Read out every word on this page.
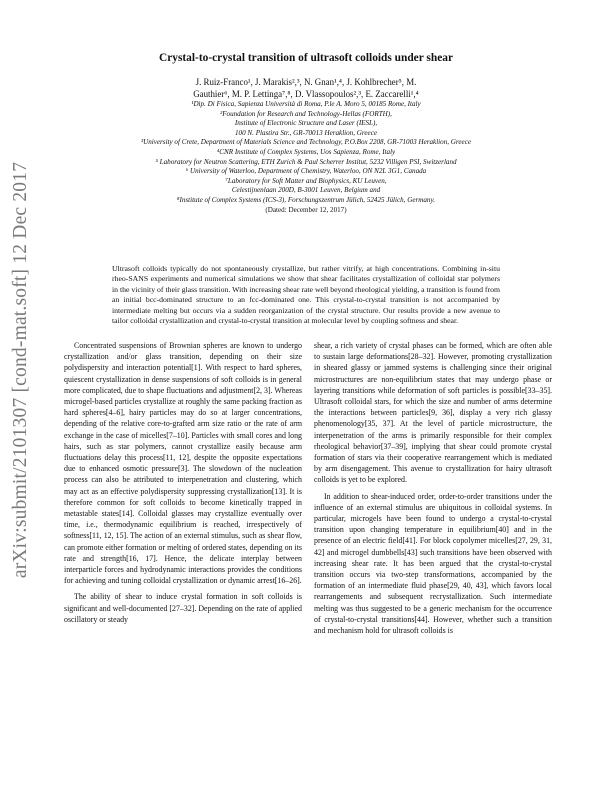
arXiv:submit/2101307 [cond-mat.soft] 12 Dec 2017
Crystal-to-crystal transition of ultrasoft colloids under shear
J. Ruiz-Franco¹, J. Marakis²,³, N. Gnan¹,⁴, J. Kohlbrecher⁵, M.
Gauthier⁶, M. P. Lettinga⁷,⁸, D. Vlassopoulos²,³, E. Zaccarelli¹,⁴
¹Dip. Di Fisica, Sapienza Università di Roma, P.le A. Moro 5, 00185 Rome, Italy
²Foundation for Research and Technology-Hellas (FORTH),
Institute of Electronic Structure and Laser (IESL),
100 N. Plastira Str., GR-70013 Heraklion, Greece
³University of Crete, Department of Materials Science and Technology, P.O.Box 2208, GR-71003 Heraklion, Greece
⁴CNR Institute of Complex Systems, Uos Sapienza, Rome, Italy
⁵ Laboratory for Neutron Scattering, ETH Zurich & Paul Scherrer Institut, 5232 Villigen PSI, Switzerland
⁶ University of Waterloo, Department of Chemistry, Waterloo, ON N2L 3G1, Canada
⁷Laboratory for Soft Matter and Biophysics, KU Leuven,
Celestijnenlaan 200D, B-3001 Leuven, Belgium and
⁸Institute of Complex Systems (ICS-3), Forschungszentrum Jülich, 52425 Jülich, Germany.
(Dated: December 12, 2017)
Ultrasoft colloids typically do not spontaneously crystallize, but rather vitrify, at high concentrations. Combining in-situ rheo-SANS experiments and numerical simulations we show that shear facilitates crystallization of colloidal star polymers in the vicinity of their glass transition. With increasing shear rate well beyond rheological yielding, a transition is found from an initial bcc-dominated structure to an fcc-dominated one. This crystal-to-crystal transition is not accompanied by intermediate melting but occurs via a sudden reorganization of the crystal structure. Our results provide a new avenue to tailor colloidal crystallization and crystal-to-crystal transition at molecular level by coupling softness and shear.

Concentrated suspensions of Brownian spheres are known to undergo crystallization and/or glass transition, depending on their size polydispersity and interaction potential[1]. With respect to hard spheres, quiescent crystallization in dense suspensions of soft colloids is in general more complicated, due to shape fluctuations and adjustment[2, 3]. Whereas microgel-based particles crystallize at roughly the same packing fraction as hard spheres[4–6], hairy particles may do so at larger concentrations, depending of the relative core-to-grafted arm size ratio or the rate of arm exchange in the case of micelles[7–10]. Particles with small cores and long hairs, such as star polymers, cannot crystallize easily because arm fluctuations delay this process[11, 12], despite the opposite expectations due to enhanced osmotic pressure[3]. The slowdown of the nucleation process can also be attributed to interpenetration and clustering, which may act as an effective polydispersity suppressing crystallization[13]. It is therefore common for soft colloids to become kinetically trapped in metastable states[14]. Colloidal glasses may crystallize eventually over time, i.e., thermodynamic equilibrium is reached, irrespectively of softness[11, 12, 15]. The action of an external stimulus, such as shear flow, can promote either formation or melting of ordered states, depending on its rate and strength[16, 17]. Hence, the delicate interplay between interparticle forces and hydrodynamic interactions provides the conditions for achieving and tuning colloidal crystallization or dynamic arrest[16–26].

The ability of shear to induce crystal formation in soft colloids is significant and well-documented [27–32]. Depending on the rate of applied oscillatory or steady

shear, a rich variety of crystal phases can be formed, which are often able to sustain large deformations[28–32]. However, promoting crystallization in sheared glassy or jammed systems is challenging since their original microstructures are non-equilibrium states that may undergo phase or layering transitions while deformation of soft particles is possible[33–35]. Ultrasoft colloidal stars, for which the size and number of arms determine the interactions between particles[9, 36], display a very rich glassy phenomenology[35, 37]. At the level of particle microstructure, the interpenetration of the arms is primarily responsible for their complex rheological behavior[37–39], implying that shear could promote crystal formation of stars via their cooperative rearrangement which is mediated by arm disengagement. This avenue to crystallization for hairy ultrasoft colloids is yet to be explored.

In addition to shear-induced order, order-to-order transitions under the influence of an external stimulus are ubiquitous in colloidal systems. In particular, microgels have been found to undergo a crystal-to-crystal transition upon changing temperature in equilibrium[40] and in the presence of an electric field[41]. For block copolymer micelles[27, 29, 31, 42] and microgel dumbbells[43] such transitions have been observed with increasing shear rate. It has been argued that the crystal-to-crystal transition occurs via two-step transformations, accompanied by the formation of an intermediate fluid phase[29, 40, 43], which favors local rearrangements and subsequent recrystallization. Such intermediate melting was thus suggested to be a generic mechanism for the occurrence of crystal-to-crystal transitions[44]. However, whether such a transition and mechanism hold for ultrasoft colloids is
